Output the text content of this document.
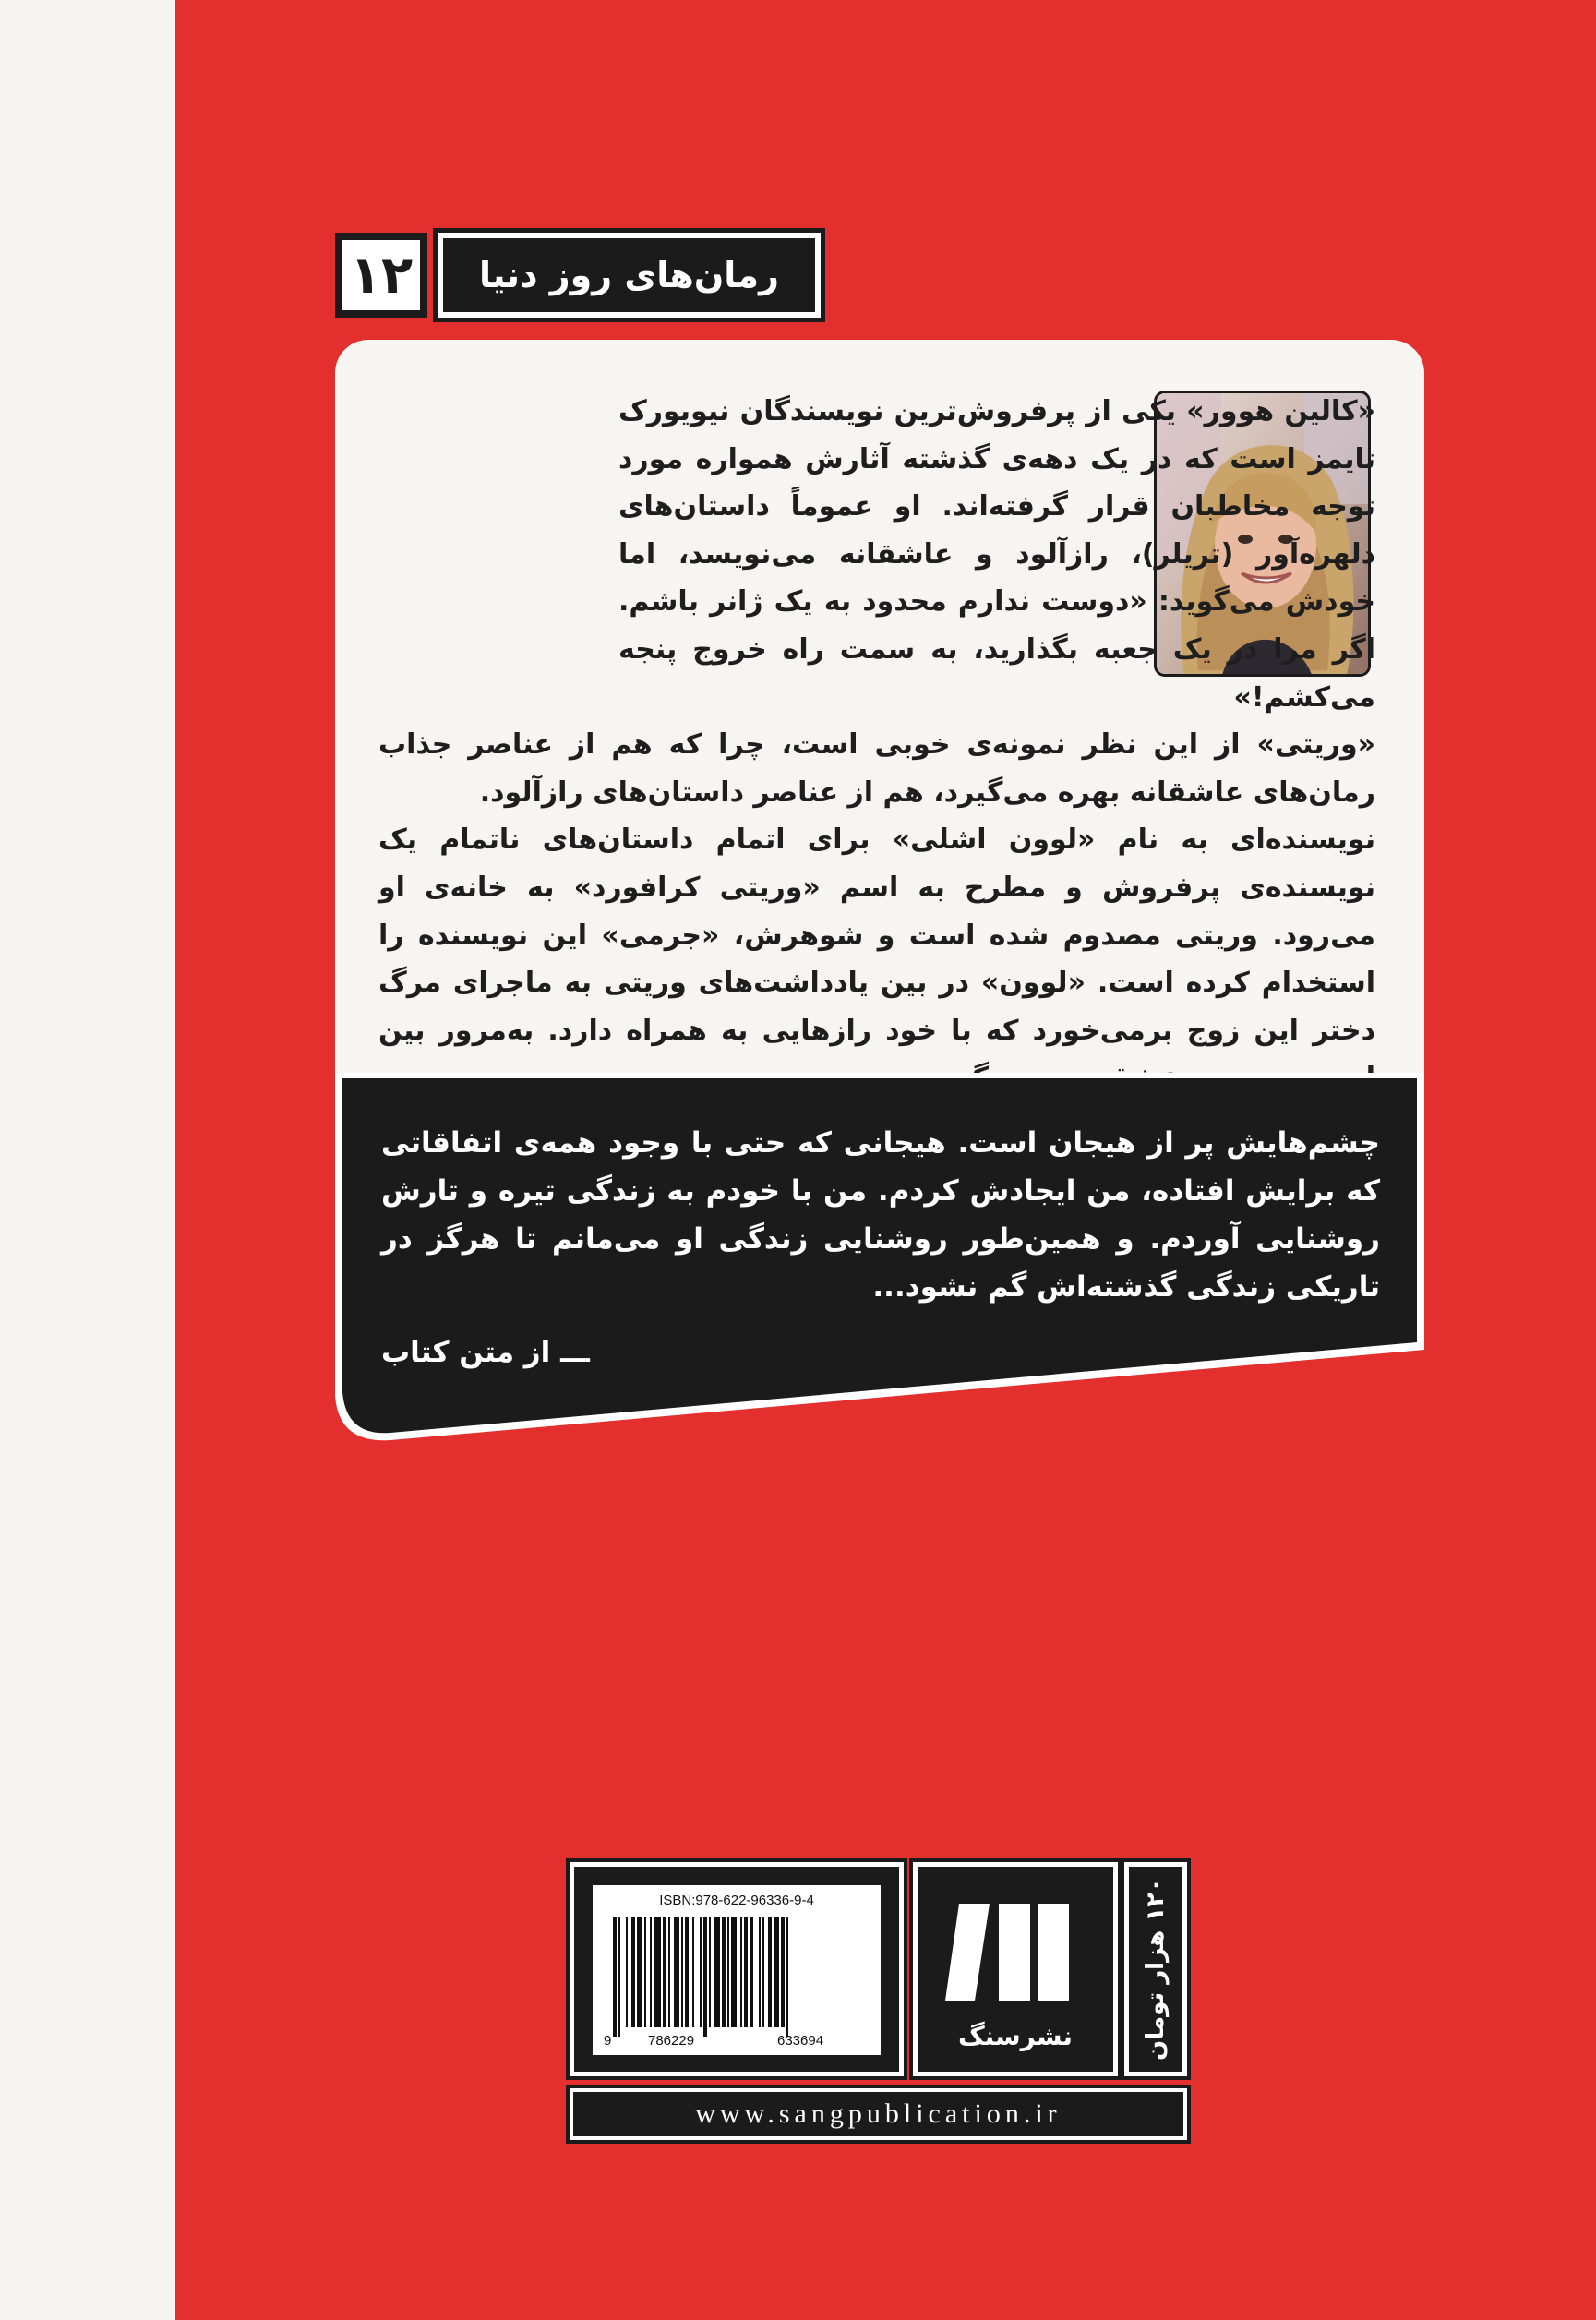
۱۲	رمان‌های روز دنیا

«کالین هوور» یکی از پرفروش‌ترین نویسندگان نیویورک تایمز است که در یک دهه‌ی گذشته آثارش همواره مورد توجه مخاطبان قرار گرفته‌اند. او عموماً داستان‌های دلهره‌آور (تریلر)، راز‌آلود و عاشقانه می‌نویسد، اما خودش می‌گوید: «دوست ندارم محدود به یک ژانر باشم. اگر مرا در یک جعبه بگذارید، به سمت راه خروج پنجه می‌کشم!»

«وریتی» از این نظر نمونه‌ی خوبی است، چرا که هم از عناصر جذاب رمان‌های عاشقانه بهره می‌گیرد، هم از عناصر داستان‌های راز‌آلود.

نویسنده‌ای به نام «لوون اشلی» برای اتمام داستان‌های ناتمام یک نویسنده‌ی پرفروش و مطرح به اسم «وریتی کرافورد» به خانه‌ی او می‌رود. وریتی مصدوم شده است و شوهرش، «جرمی» این نویسنده را استخدام کرده است. «لوون» در بین یادداشت‌های وریتی به ماجرای مرگ دختر این زوج برمی‌خورد که با خود رازهایی به همراه دارد. به‌مرور بین

چشم‌هایش پر از هیجان است. هیجانی که حتی با وجود همه‌ی اتفاقاتی که برایش افتاده، من ایجادش کردم. من با خودم به زندگی تیره و تارش روشنایی آوردم. و همین‌طور روشنایی زندگی او می‌مانم تا هرگز در تاریکی زندگی گذشته‌اش گم نشود...

ـــ از متن کتاب
ISBN:978-622-96336-9-4
9	786229	633694	نشرسنگ	۱۲۰ هزار تومان
www.sangpublication.ir
